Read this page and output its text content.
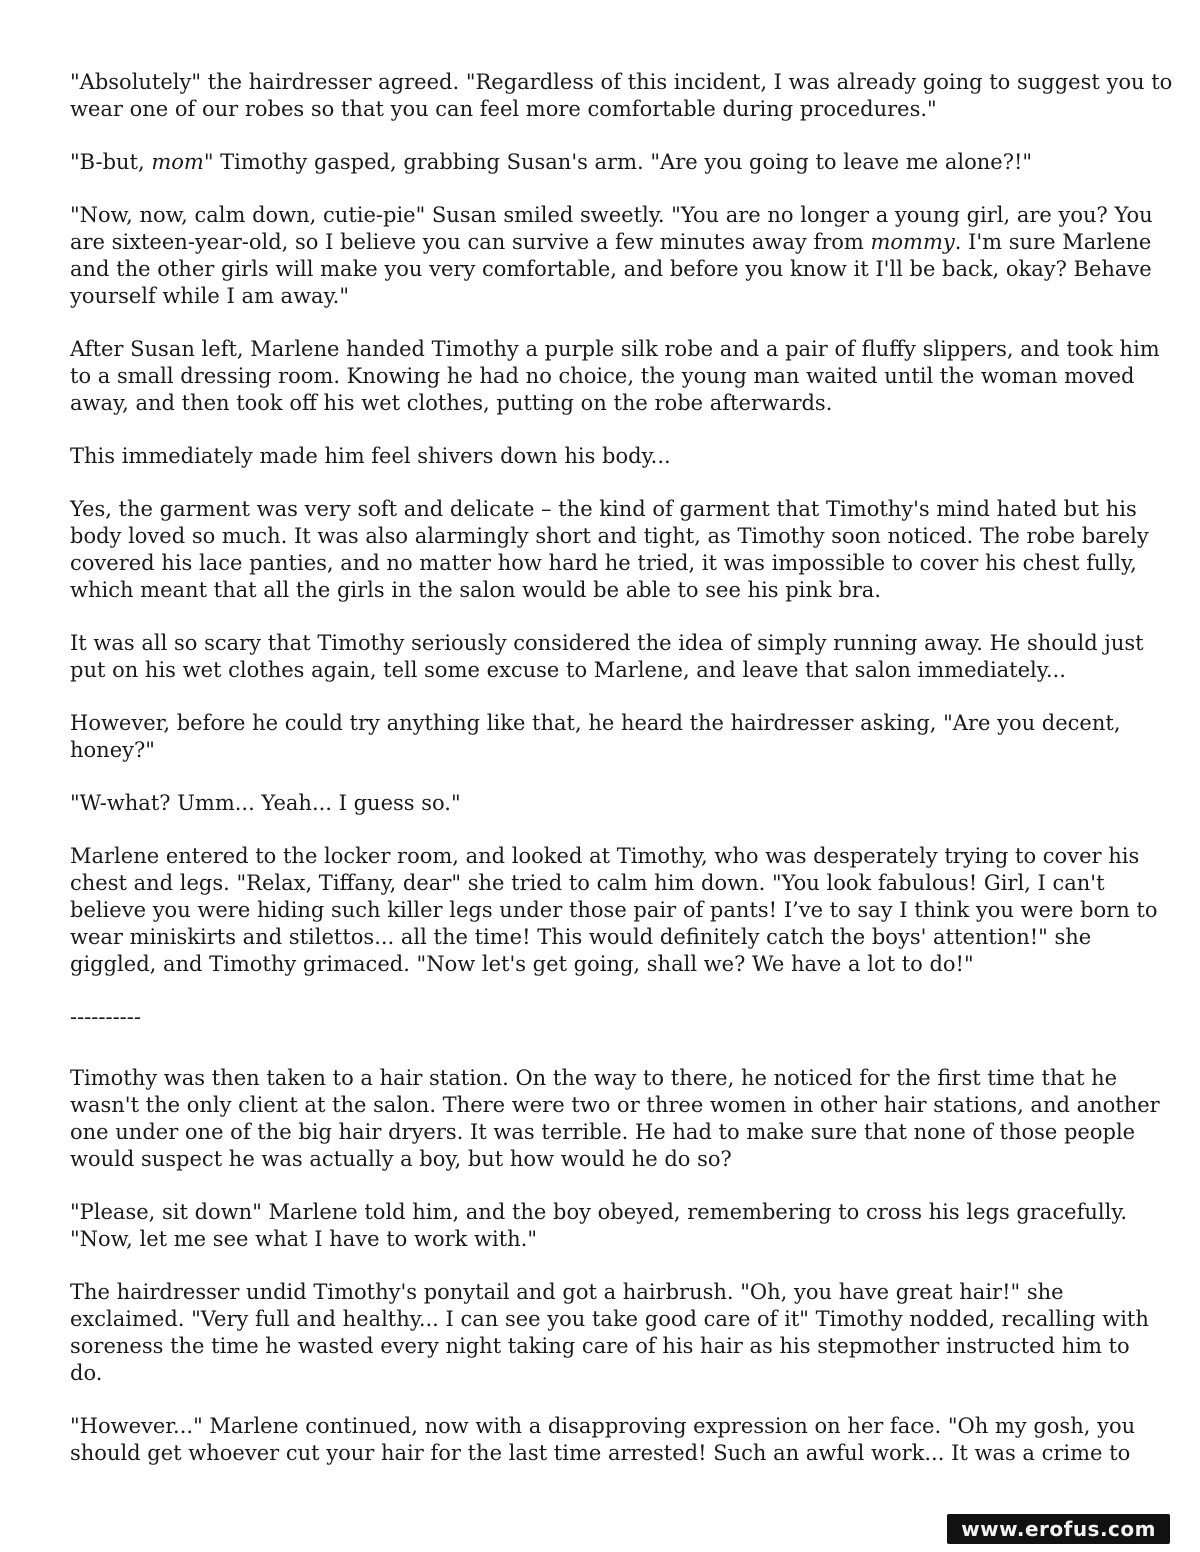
"Absolutely" the hairdresser agreed. "Regardless of this incident, I was already going to suggest you to
wear one of our robes so that you can feel more comfortable during procedures."

"B-but, mom" Timothy gasped, grabbing Susan's arm. "Are you going to leave me alone?!"

"Now, now, calm down, cutie-pie" Susan smiled sweetly. "You are no longer a young girl, are you? You
are sixteen-year-old, so I believe you can survive a few minutes away from mommy. I'm sure Marlene
and the other girls will make you very comfortable, and before you know it I'll be back, okay? Behave
yourself while I am away."

After Susan left, Marlene handed Timothy a purple silk robe and a pair of fluffy slippers, and took him
to a small dressing room. Knowing he had no choice, the young man waited until the woman moved
away, and then took off his wet clothes, putting on the robe afterwards.

This immediately made him feel shivers down his body...

Yes, the garment was very soft and delicate – the kind of garment that Timothy's mind hated but his
body loved so much. It was also alarmingly short and tight, as Timothy soon noticed. The robe barely
covered his lace panties, and no matter how hard he tried, it was impossible to cover his chest fully,
which meant that all the girls in the salon would be able to see his pink bra.

It was all so scary that Timothy seriously considered the idea of simply running away. He should just
put on his wet clothes again, tell some excuse to Marlene, and leave that salon immediately...

However, before he could try anything like that, he heard the hairdresser asking, "Are you decent,
honey?"

"W-what? Umm... Yeah... I guess so."

Marlene entered to the locker room, and looked at Timothy, who was desperately trying to cover his
chest and legs. "Relax, Tiffany, dear" she tried to calm him down. "You look fabulous! Girl, I can't
believe you were hiding such killer legs under those pair of pants! I’ve to say I think you were born to
wear miniskirts and stilettos... all the time! This would definitely catch the boys' attention!" she
giggled, and Timothy grimaced. "Now let's get going, shall we? We have a lot to do!"

----------

Timothy was then taken to a hair station. On the way to there, he noticed for the first time that he
wasn't the only client at the salon. There were two or three women in other hair stations, and another
one under one of the big hair dryers. It was terrible. He had to make sure that none of those people
would suspect he was actually a boy, but how would he do so?

"Please, sit down" Marlene told him, and the boy obeyed, remembering to cross his legs gracefully.
"Now, let me see what I have to work with."

The hairdresser undid Timothy's ponytail and got a hairbrush. "Oh, you have great hair!" she
exclaimed. "Very full and healthy... I can see you take good care of it" Timothy nodded, recalling with
soreness the time he wasted every night taking care of his hair as his stepmother instructed him to
do.

"However..." Marlene continued, now with a disapproving expression on her face. "Oh my gosh, you
should get whoever cut your hair for the last time arrested! Such an awful work... It was a crime to

www.erofus.com
